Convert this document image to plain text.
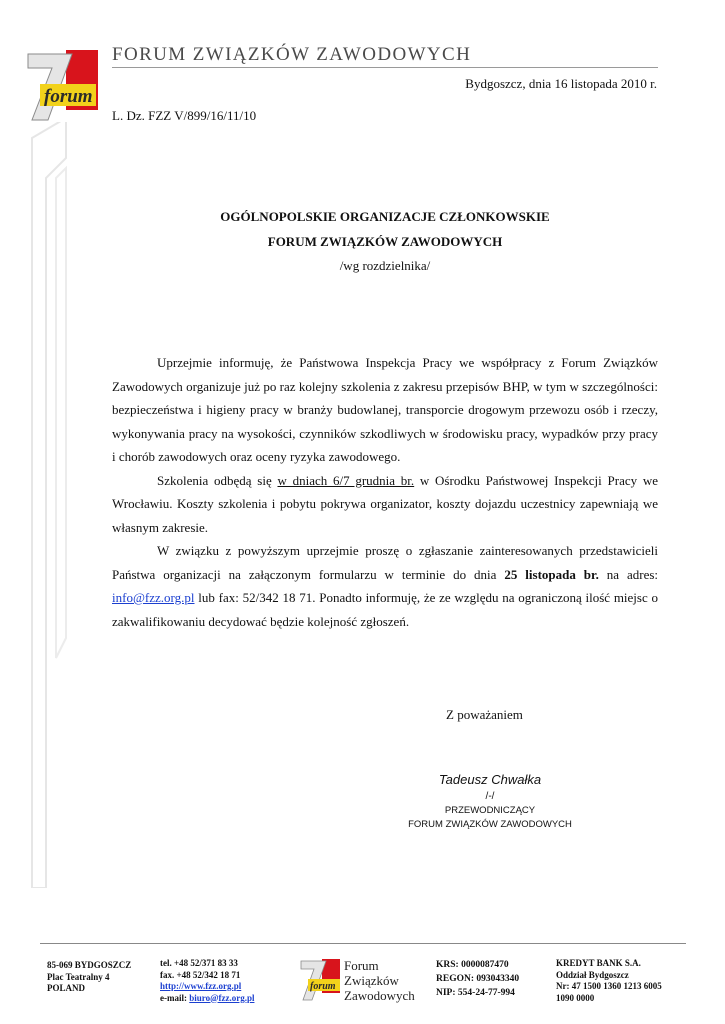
forum
FORUM ZWIĄZKÓW ZAWODOWYCH
Bydgoszcz, dnia 16 listopada 2010 r.
L. Dz. FZZ V/899/16/11/10
OGÓLNOPOLSKIE ORGANIZACJE CZŁONKOWSKIE
FORUM ZWIĄZKÓW ZAWODOWYCH
/wg rozdzielnika/

Uprzejmie informuję, że Państwowa Inspekcja Pracy we współpracy z Forum Związków Zawodowych organizuje już po raz kolejny szkolenia z zakresu przepisów BHP, w tym w szczególności: bezpieczeństwa i higieny pracy w branży budowlanej, transporcie drogowym przewozu osób i rzeczy, wykonywania pracy na wysokości, czynników szkodliwych w środowisku pracy, wypadków przy pracy i chorób zawodowych oraz oceny ryzyka zawodowego.

Szkolenia odbędą się w dniach 6/7 grudnia br. w Ośrodku Państwowej Inspekcji Pracy we Wrocławiu. Koszty szkolenia i pobytu pokrywa organizator, koszty dojazdu uczestnicy zapewniają we własnym zakresie.

W związku z powyższym uprzejmie proszę o zgłaszanie zainteresowanych przedstawicieli Państwa organizacji na załączonym formularzu w terminie do dnia 25 listopada br. na adres: info@fzz.org.pl lub fax: 52/342 18 71. Ponadto informuję, że ze względu na ograniczoną ilość miejsc o zakwalifikowaniu decydować będzie kolejność zgłoszeń.

Z poważaniem
Tadeusz Chwałka
/-/
PRZEWODNICZĄCY
FORUM ZWIĄZKÓW ZAWODOWYCH
85-069 BYDGOSZCZ
Plac Teatralny 4
POLAND
tel. +48 52/371 83 33
fax. +48 52/342 18 71
http://www.fzz.org.pl
e-mail: biuro@fzz.org.pl
forum
Forum
Związków
Zawodowych
KRS: 0000087470
REGON: 093043340
NIP: 554-24-77-994
KREDYT BANK S.A.
Oddział Bydgoszcz
Nr: 47 1500 1360 1213 6005
1090 0000
